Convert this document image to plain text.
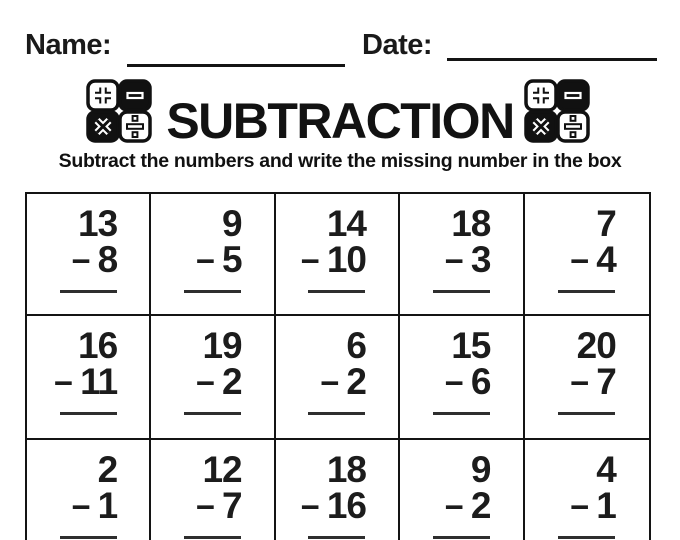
Name:	Date:
SUBTRACTION
Subtract the numbers and write the missing number in the box
13
− 8
9
− 5
14
− 10
18
− 3
7
− 4
16
− 11
19
− 2
6
− 2
15
− 6
20
− 7
2
− 1
12
− 7
18
− 16
9
− 2
4
− 1
